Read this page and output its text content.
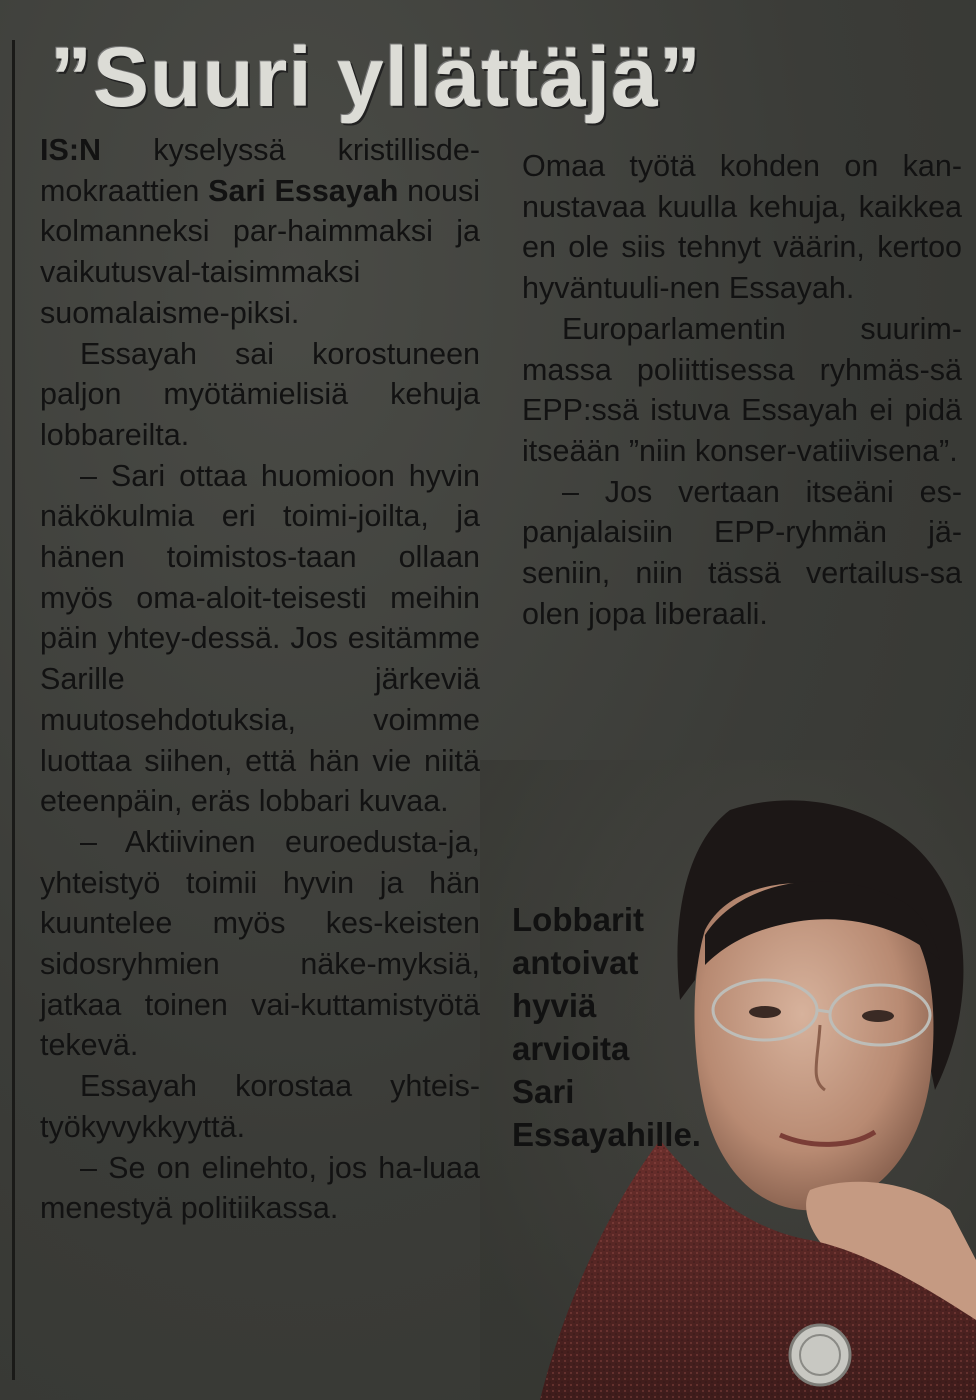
”Suuri yllättäjä”

IS:N kyselyssä kristillisde-mokraattien Sari Essayah nousi kolmanneksi par-haimmaksi ja vaikutusval-taisimmaksi suomalaisme-piksi.

Essayah sai korostuneen paljon myötämielisiä kehuja lobbareilta.

– Sari ottaa huomioon hyvin näkökulmia eri toimi-joilta, ja hänen toimistos-taan ollaan myös oma-aloit-teisesti meihin päin yhtey-dessä. Jos esitämme Sarille järkeviä muutosehdotuksia, voimme luottaa siihen, että hän vie niitä eteenpäin, eräs lobbari kuvaa.

– Aktiivinen euroedusta-ja, yhteistyö toimii hyvin ja hän kuuntelee myös kes-keisten sidosryhmien näke-myksiä, jatkaa toinen vai-kuttamistyötä tekevä.

Essayah korostaa yhteis-työkyvykkyyttä.

– Se on elinehto, jos ha-luaa menestyä politiikassa.

Omaa työtä kohden on kan-nustavaa kuulla kehuja, kaikkea en ole siis tehnyt väärin, kertoo hyväntuuli-nen Essayah.

Europarlamentin suurim-massa poliittisessa ryhmäs-sä EPP:ssä istuva Essayah ei pidä itseään ”niin konser-vatiivisena”.

– Jos vertaan itseäni es-panjalaisiin EPP-ryhmän jä-seniin, niin tässä vertailus-sa olen jopa liberaali.

Lobbarit
antoivat
hyviä
arvioita
Sari
Essayahille.
